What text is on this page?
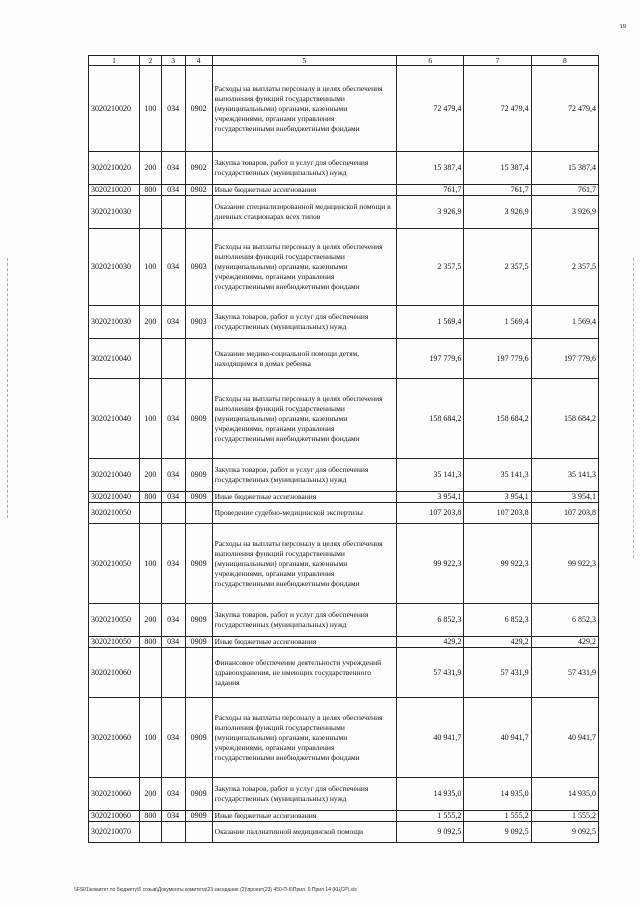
19
1	2	3	4	5	6	7	8
3020210020	100	034	0902	Расходы на выплаты персоналу в целях обеспечения выполнения функций государственными (муниципальными) органами, казенными учреждениями, органами управления государственными внебюджетными фондами	72 479,4	72 479,4	72 479,4
3020210020	200	034	0902	Закупка товаров, работ и услуг для обеспечения государственных (муниципальных) нужд	15 387,4	15 387,4	15 387,4
3020210020	800	034	0902	Иные бюджетные ассигнования	761,7	761,7	761,7
3020210030				Оказание специализированной медицинской помощи в дневных стационарах всех типов	3 926,9	3 926,9	3 926,9
3020210030	100	034	0903	Расходы на выплаты персоналу в целях обеспечения выполнения функций государственными (муниципальными) органами, казенными учреждениями, органами управления государственными внебюджетными фондами	2 357,5	2 357,5	2 357,5
3020210030	200	034	0903	Закупка товаров, работ и услуг для обеспечения государственных (муниципальных) нужд	1 569,4	1 569,4	1 569,4
3020210040				Оказание медико-социальной помощи детям, находящимся в домах ребенка	197 779,6	197 779,6	197 779,6
3020210040	100	034	0909	Расходы на выплаты персоналу в целях обеспечения выполнения функций государственными (муниципальными) органами, казенными учреждениями, органами управления государственными внебюджетными фондами	158 684,2	158 684,2	158 684,2
3020210040	200	034	0909	Закупка товаров, работ и услуг для обеспечения государственных (муниципальных) нужд	35 141,3	35 141,3	35 141,3
3020210040	800	034	0909	Иные бюджетные ассигнования	3 954,1	3 954,1	3 954,1
3020210050				Проведение судебно-медицинской экспертизы	107 203,8	107 203,8	107 203,8
3020210050	100	034	0909	Расходы на выплаты персоналу в целях обеспечения выполнения функций государственными (муниципальными) органами, казенными учреждениями, органами управления государственными внебюджетными фондами	99 922,3	99 922,3	99 922,3
3020210050	200	034	0909	Закупка товаров, работ и услуг для обеспечения государственных (муниципальных) нужд	6 852,3	6 852,3	6 852,3
3020210050	800	034	0909	Иные бюджетные ассигнования	429,2	429,2	429,2
3020210060				Финансовое обеспечение деятельности учреждений здравоохранения, не имеющих государственного задания	57 431,9	57 431,9	57 431,9
3020210060	100	034	0909	Расходы на выплаты персоналу в целях обеспечения выполнения функций государственными (муниципальными) органами, казенными учреждениями, органами управления государственными внебюджетными фондами	40 941,7	40 941,7	40 941,7
3020210060	200	034	0909	Закупка товаров, работ и услуг для обеспечения государственных (муниципальных) нужд	14 935,0	14 935,0	14 935,0
3020210060	800	034	0909	Иные бюджетные ассигнования	1 555,2	1 555,2	1 555,2
3020210070				Оказание паллиативной медицинской помощи	9 092,5	9 092,5	9 092,5
\\FS01\комитет по бюджету\6 созыв\Документы комитета\23 заседание (2)\проект(23) 450-П-6\Прил. 9 Прил 14 (КЦСР).xls
